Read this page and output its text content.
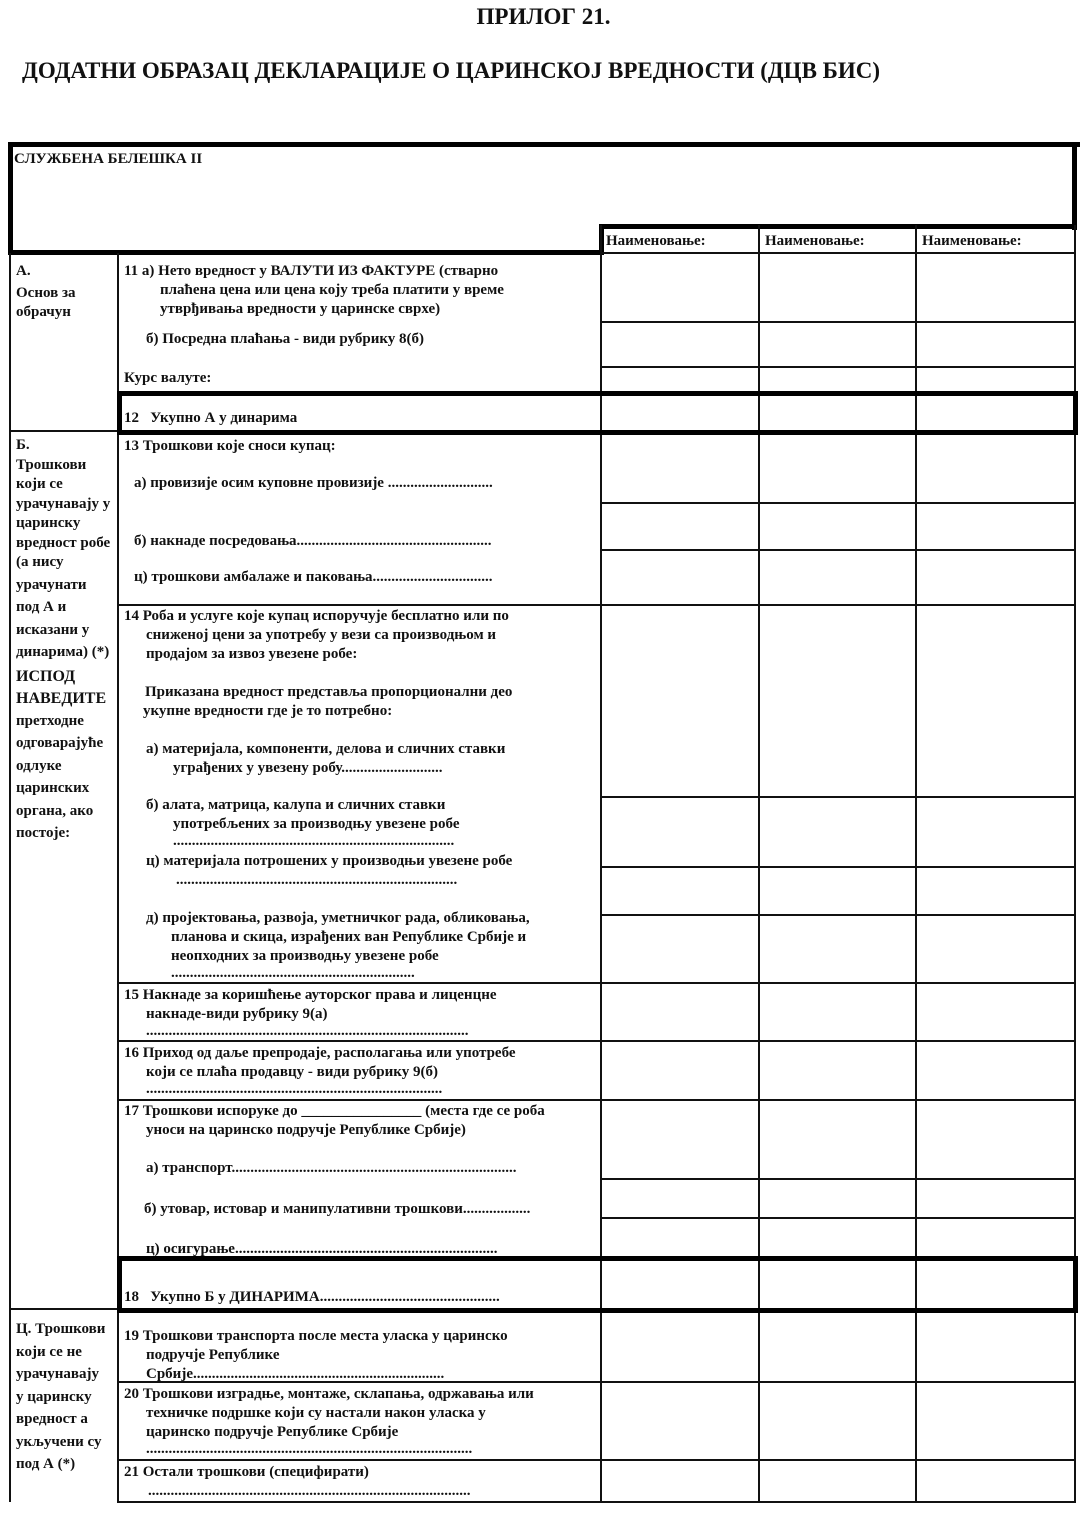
ПРИЛОГ 21.
ДОДАТНИ ОБРАЗАЦ ДЕКЛАРАЦИЈЕ О ЦАРИНСКОЈ ВРЕДНОСТИ (ДЦВ БИС)
СЛУЖБЕНА БЕЛЕШКА II
Наименовање:	Наименовање:	Наименовање:
А.
Основ за
обрачун
Б.
Трошкови
који се
урачунавају у
царинску
вредност робе
(а нису
урачунати
под А и
исказани у
динарима) (*)
ИСПОД
НАВЕДИТЕ
претходне
одговарајуће
одлуке
царинских
органа, ако
постоје:
Ц. Трошкови
који се не
урачунавају
у царинску
вредност а
укључени су
под А (*)
11 а) Нето вредност у ВАЛУТИ ИЗ ФАКТУРЕ (стварно
плаћена цена или цена коју треба платити у време
утврђивања вредности у царинске сврхе)
б) Посредна плаћања - види рубрику 8(б)
Курс валуте:
12   Укупно А у динарима
13 Трошкови које сноси купац:
а) провизије осим куповне провизије ............................
б) накнаде посредовања....................................................
ц) трошкови амбалаже и паковања................................
14 Роба и услуге које купац испоручује бесплатно или по
сниженој цени за употребу у вези са производњом и
продајом за извоз увезене робе:
Приказана вредност представља пропорционални део
укупне вредности где је то потребно:
а) материјала, компоненти, делова и сличних ставки
уграђених у увезену робу...........................
б) алата, матрица, калупа и сличних ставки
употребљених за производњу увезене робе
...........................................................................
ц) материјала потрошених у производњи увезене робе
...........................................................................
д) пројектовања, развоја, уметничког рада, обликовања,
планова и скица, израђених ван Републике Србије и
неопходних за производњу увезене робе
.................................................................
15 Накнаде за коришћење ауторског права и лиценцне
накнаде-види рубрику 9(а)
......................................................................................
16 Приход од даље препродаје, располагања или употребе
који се плаћа продавцу - види рубрику 9(б)
...............................................................................
17 Трошкови испоруке до ________________ (места где се роба
уноси на царинско подручје Републике Србије)
а) транспорт............................................................................
б) утовар, истовар и манипулативни трошкови..................
ц) осигурање......................................................................
18   Укупно Б у ДИНАРИМА................................................
19 Трошкови транспорта после места уласка у царинско
подручје Републике
Србије...................................................................
20 Трошкови изградње, монтаже, склапања, одржавања или
техничке подршке који су настали након уласка у
царинско подручје Републике Србије
.......................................................................................
21 Остали трошкови (специфирати)
......................................................................................
